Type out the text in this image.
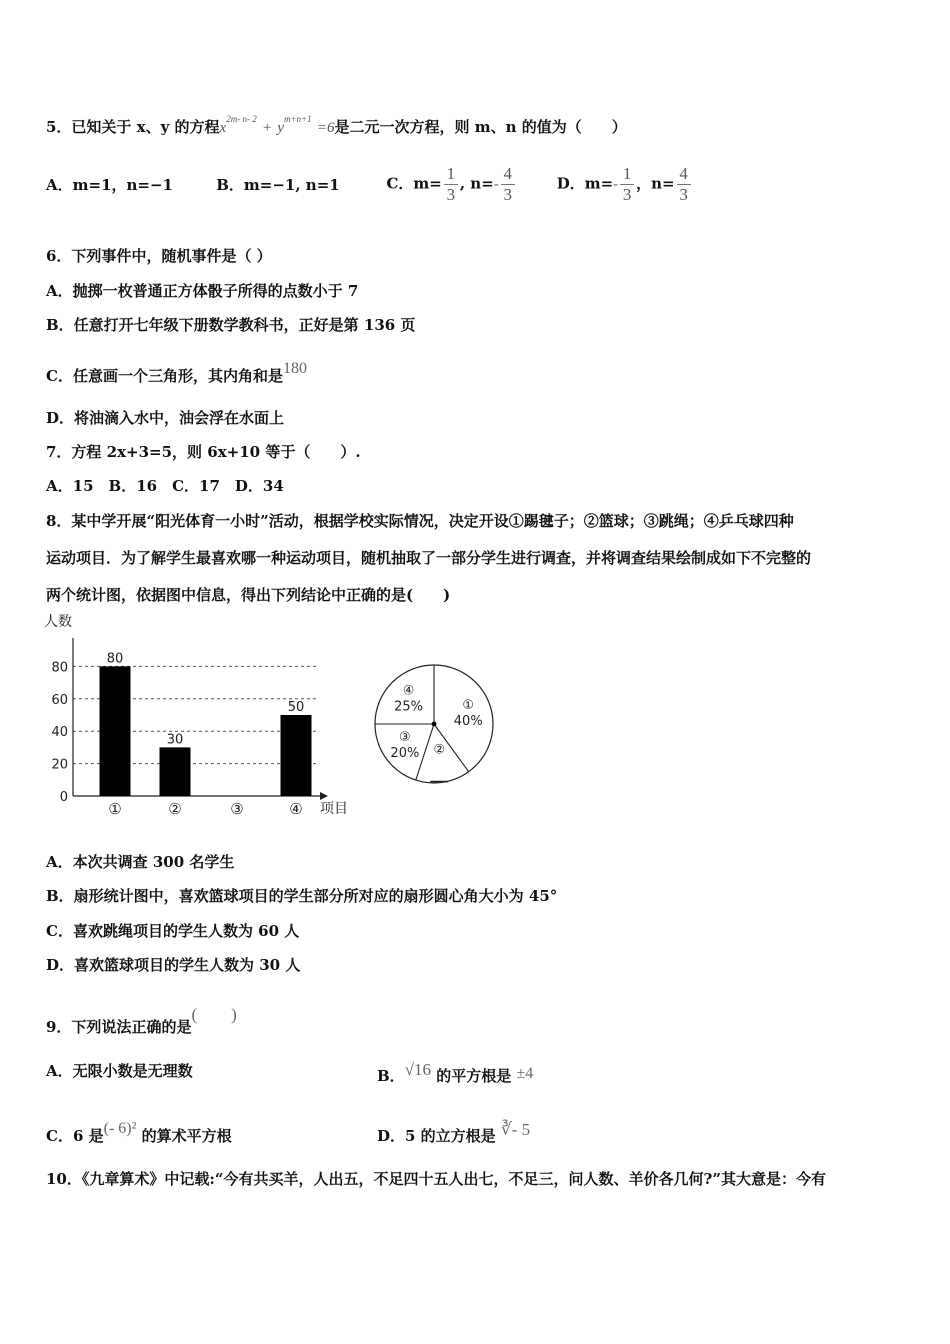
5．已知关于 x、y 的方程$x^{2m- n- 2} + y^{m+n+1} =6$是二元一次方程，则 m、n 的值为（　　）
A．m=1，n=−1	B．m=−1, n=1	C．$m= \frac{1}{3}$ , $n=- \frac{4}{3}$	D．$m=- \frac{1}{3}$ ，$n= \frac{4}{3}$
6．下列事件中，随机事件是（ ）
A．抛掷一枚普通正方体骰子所得的点数小于 7
B．任意打开七年级下册数学教科书，正好是第 136 页
C．任意画一个三角形，其内角和是180
D．将油滴入水中，油会浮在水面上
7．方程 2x+3=5，则 6x+10 等于（　　）.
A．15　B．16　C．17　D．34
8．某中学开展“阳光体育一小时”活动，根据学校实际情况，决定开设①踢毽子；②篮球；③跳绳；④乒乓球四种
运动项目．为了解学生最喜欢哪一种运动项目，随机抽取了一部分学生进行调查，并将调查结果绘制成如下不完整的
两个统计图，依据图中信息，得出下列结论中正确的是(　　)
人数
0
20
40
60
80
项目
80
①
30
②	③
50
④
①
40%
②
③
20%
④
25%
A．本次共调查 300 名学生
B．扇形统计图中，喜欢篮球项目的学生部分所对应的扇形圆心角大小为 45°
C．喜欢跳绳项目的学生人数为 60 人
D．喜欢篮球项目的学生人数为 30 人
9．下列说法正确的是(　　)
A．无限小数是无理数	B．√16 的平方根是 ±4
C．6 是(- 6)² 的算术平方根	D．5 的立方根是 ∛- 5
10．《九章算术》中记载:“今有共买羊，人出五，不足四十五人出七，不足三，问人数、羊价各几何?”其大意是：今有
